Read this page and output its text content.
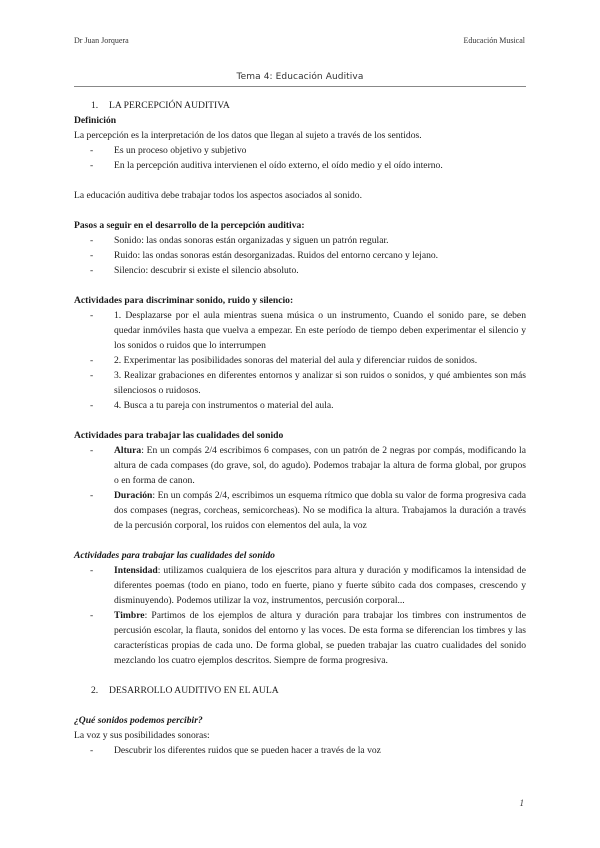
Dr Juan Jorquera	Educación Musical
Tema 4: Educación Auditiva

1. LA PERCEPCIÓN AUDITIVA

Definición

La percepción es la interpretación de los datos que llegan al sujeto a través de los sentidos.

- Es un proceso objetivo y subjetivo
- En la percepción auditiva intervienen el oído externo, el oído medio y el oído interno.

La educación auditiva debe trabajar todos los aspectos asociados al sonido.

Pasos a seguir en el desarrollo de la percepción auditiva:

- Sonido: las ondas sonoras están organizadas y siguen un patrón regular.
- Ruido: las ondas sonoras están desorganizadas. Ruidos del entorno cercano y lejano.
- Silencio: descubrir si existe el silencio absoluto.

Actividades para discriminar sonido, ruido y silencio:

- 1. Desplazarse por el aula mientras suena música o un instrumento, Cuando el sonido pare, se deben quedar inmóviles hasta que vuelva a empezar. En este período de tiempo deben experimentar el silencio y los sonidos o ruidos que lo interrumpen
- 2. Experimentar las posibilidades sonoras del material del aula y diferenciar ruidos de sonidos.
- 3. Realizar grabaciones en diferentes entornos y analizar si son ruidos o sonidos, y qué ambientes son más silenciosos o ruidosos.
- 4. Busca a tu pareja con instrumentos o material del aula.

Actividades para trabajar las cualidades del sonido

- Altura: En un compás 2/4 escribimos 6 compases, con un patrón de 2 negras por compás, modificando la altura de cada compases (do grave, sol, do agudo). Podemos trabajar la altura de forma global, por grupos o en forma de canon.
- Duración: En un compás 2/4, escribimos un esquema rítmico que dobla su valor de forma progresiva cada dos compases (negras, corcheas, semicorcheas). No se modifica la altura. Trabajamos la duración a través de la percusión corporal, los ruidos con elementos del aula, la voz

Actividades para trabajar las cualidades del sonido

- Intensidad: utilizamos cualquiera de los ejescritos para altura y duración y modificamos la intensidad de diferentes poemas (todo en piano, todo en fuerte, piano y fuerte súbito cada dos compases, crescendo y disminuyendo). Podemos utilizar la voz, instrumentos, percusión corporal...
- Timbre: Partimos de los ejemplos de altura y duración para trabajar los timbres con instrumentos de percusión escolar, la flauta, sonidos del entorno y las voces. De esta forma se diferencian los timbres y las características propias de cada uno. De forma global, se pueden trabajar las cuatro cualidades del sonido mezclando los cuatro ejemplos descritos. Siempre de forma progresiva.

2. DESARROLLO AUDITIVO EN EL AULA

¿Qué sonidos podemos percibir?

La voz y sus posibilidades sonoras:

- Descubrir los diferentes ruidos que se pueden hacer a través de la voz
1
